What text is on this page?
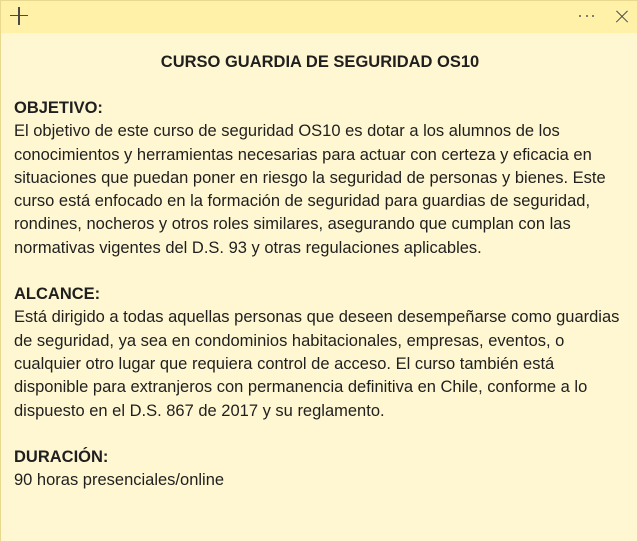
CURSO GUARDIA DE SEGURIDAD OS10
OBJETIVO:

El objetivo de este curso de seguridad OS10 es dotar a los alumnos de los conocimientos y herramientas necesarias para actuar con certeza y eficacia en situaciones que puedan poner en riesgo la seguridad de personas y bienes. Este curso está enfocado en la formación de seguridad para guardias de seguridad, rondines, nocheros y otros roles similares, asegurando que cumplan con las normativas vigentes del D.S. 93 y otras regulaciones aplicables.

ALCANCE:

Está dirigido a todas aquellas personas que deseen desempeñarse como guardias de seguridad, ya sea en condominios habitacionales, empresas, eventos, o cualquier otro lugar que requiera control de acceso. El curso también está disponible para extranjeros con permanencia definitiva en Chile, conforme a lo dispuesto en el D.S. 867 de 2017 y su reglamento.

DURACIÓN:

90 horas presenciales/online
